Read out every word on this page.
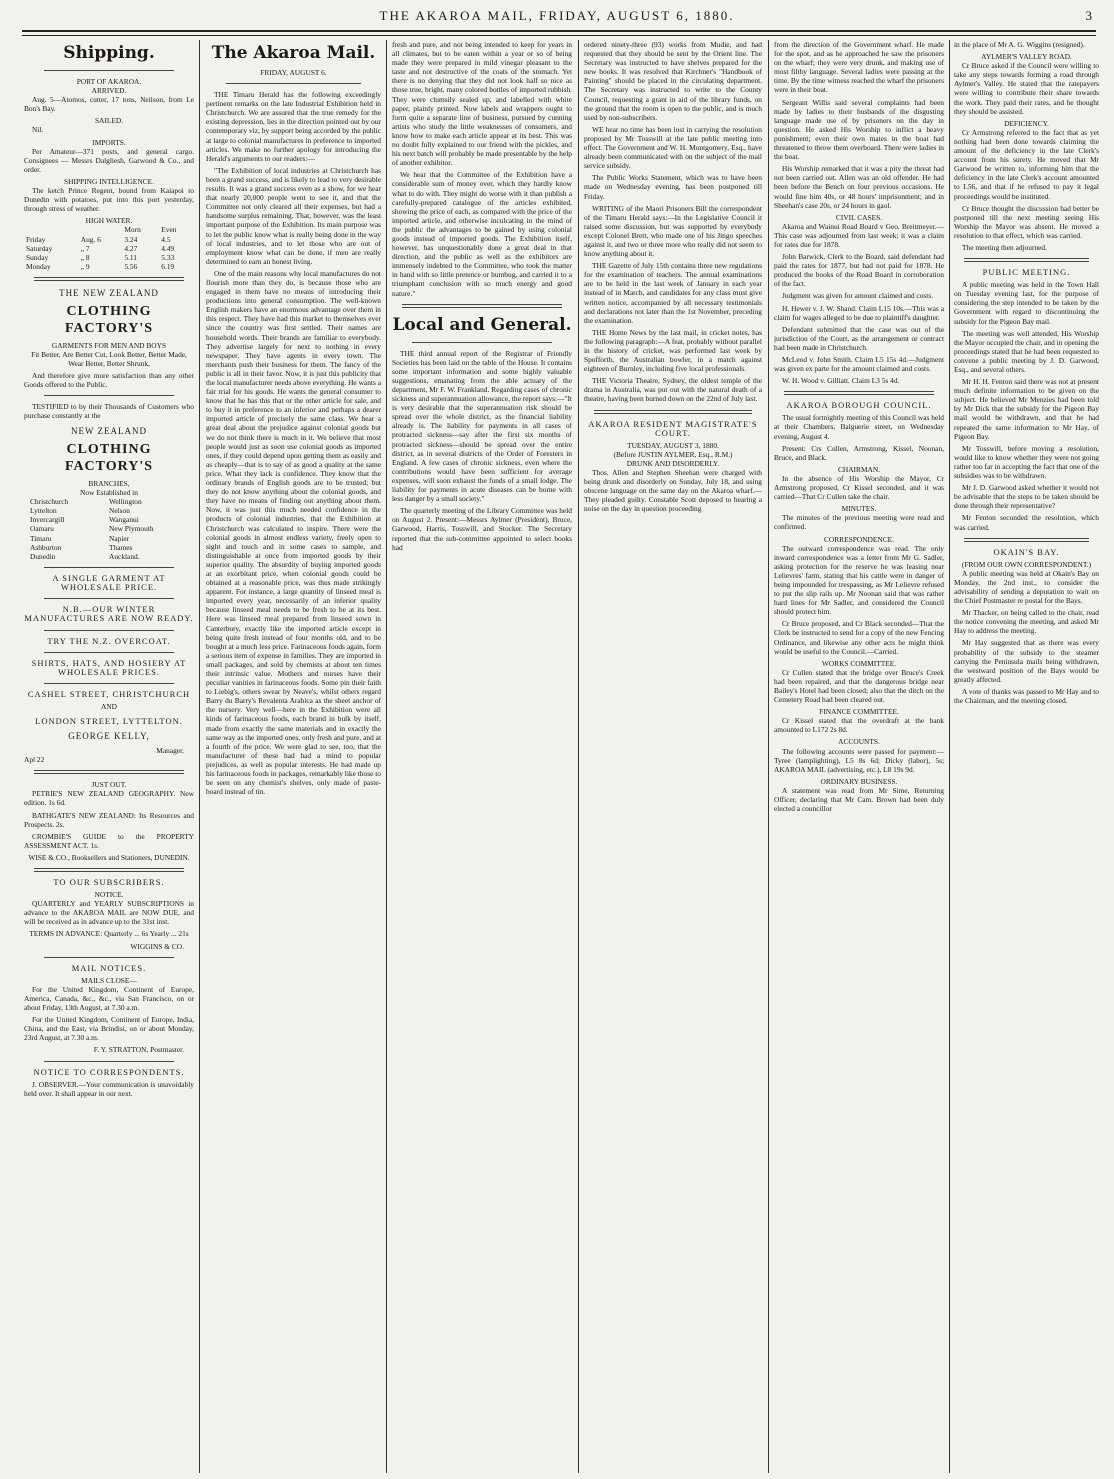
THE AKAROA MAIL, FRIDAY, AUGUST 6, 1880.	3
Shipping.
PORT OF AKAROA.
ARRIVED.

Aug. 5—Atomos, cutter, 17 tons, Neilson, from Le Bon's Bay.

SAILED.

Nil.

IMPORTS.

Per Amateur—371 posts, and general cargo. Consignees — Messrs Dalgliesh, Garwood & Co., and order.

SHIPPING INTELLIGENCE.

The ketch Prince Regent, bound from Kaiapoi to Dunedin with potatoes, put into this port yesterday, through stress of weather.

HIGH WATER.
		Morn	Even
Friday	Aug. 6	3.24	4.5
Saturday	„ 7	4.27	4.49
Sunday	„ 8	5.11	5.33
Monday	„ 9	5.56	6.19
THE NEW ZEALAND
CLOTHING FACTORY'S
GARMENTS FOR MEN AND BOYS

Fit Better, Are Better Cut, Look Better, Better Made, Wear Better, Better Shrunk,

And therefore give more satisfaction than any other Goods offered to the Public.

TESTIFIED to by their Thousands of Customers who purchase constantly at the

NEW ZEALAND
CLOTHING FACTORY'S
BRANCHES,
Now Established in
Christchurch	Wellington
Lyttelton	Nelson
Invercargill	Wanganui
Oamaru	New Plymouth
Timaru	Napier
Ashburton	Thames
Dunedin	Auckland.
A SINGLE GARMENT AT WHOLESALE PRICE.
N.B.—OUR WINTER MANUFACTURES ARE NOW READY.
TRY THE N.Z. OVERCOAT.
SHIRTS, HATS, AND HOSIERY AT WHOLESALE PRICES.
CASHEL STREET, CHRISTCHURCH
AND
LONDON STREET, LYTTELTON.
GEORGE KELLY,
Manager.
Apl 22
JUST OUT.

PETRIE'S NEW ZEALAND GEOGRAPHY. New edition. 1s 6d.

BATHGATE'S NEW ZEALAND: Its Resources and Prospects. 2s.

CROMBIE'S GUIDE to the PROPERTY ASSESSMENT ACT. 1s.

WISE & CO., Booksellers and Stationers, DUNEDIN.
TO OUR SUBSCRIBERS.
NOTICE.

QUARTERLY and YEARLY SUBSCRIPTIONS in advance to the AKAROA MAIL are NOW DUE, and will be received as in advance up to the 31st inst.

TERMS IN ADVANCE: Quarterly ... 6s Yearly ... 21s

WIGGINS & CO.
MAIL NOTICES.
MAILS CLOSE—

For the United Kingdom, Continent of Europe, America, Canada, &c., &c., via San Francisco, on or about Friday, 13th August, at 7.30 a.m.

For the United Kingdom, Continent of Europe, India, China, and the East, via Brindisi, on or about Monday, 23rd August, at 7.30 a.m.

F. Y. STRATTON, Postmaster.
NOTICE TO CORRESPONDENTS.

J. OBSERVER.—Your communication is unavoidably held over. It shall appear in our next.

The Akaroa Mail.
FRIDAY, AUGUST 6.

THE Timaru Herald has the following exceedingly pertinent remarks on the late Industrial Exhibition held in Christchurch. We are assured that the true remedy for the existing depression, lies in the direction pointed out by our contemporary viz, by support being accorded by the public at large to colonial manufactures in preference to imported articles. We make no further apology for introducing the Herald's arguments to our readers:—

"The Exhibition of local industries at Christchurch has been a grand success, and is likely to lead to very desirable results. It was a grand success even as a show, for we hear that nearly 20,000 people went to see it, and that the Committee not only cleared all their expenses, but had a handsome surplus remaining. That, however, was the least important purpose of the Exhibition. Its main purpose was to let the public know what is really being done in the way of local industries, and to let those who are out of employment know what can be done, if men are really determined to earn an honest living.

One of the main reasons why local manufactures do not flourish more than they do, is because those who are engaged in them have no means of introducing their productions into general consumption. The well-known English makers have an enormous advantage over them in this respect. They have had this market to themselves ever since the country was first settled. Their names are household words. Their brands are familiar to everybody. They advertise largely for next to nothing in every newspaper. They have agents in every town. The merchants push their business for them. The fancy of the public is all in their favor. Now, it is just this publicity that the local manufacturer needs above everything. He wants a fair trial for his goods. He wants the general consumer to know that he has this that or the other article for sale, and to buy it in preference to an inferior and perhaps a dearer imported article of precisely the same class. We hear a great deal about the prejudice against colonial goods but we do not think there is much in it. We believe that most people would just as soon use colonial goods as imported ones, if they could depend upon getting them as easily and as cheaply—that is to say of as good a quality at the same price. What they lack is confidence. They know that the ordinary brands of English goods are to be trusted; but they do not know anything about the colonial goods, and they have no means of finding out anything about them. Now, it was just this much needed confidence in the products of colonial industries, that the Exhibition at Christchurch was calculated to inspire. There were the colonial goods in almost endless variety, freely open to sight and touch and in some cases to sample, and distinguishable at once from imported goods by their superior quality. The absurdity of buying imported goods at an exorbitant price, when colonial goods could be obtained at a reasonable price, was thus made strikingly apparent. For instance, a large quantity of linseed meal is imported every year, necessarily of an inferior quality because linseed meal needs to be fresh to be at its best. Here was linseed meal prepared from linseed sown in Canterbury, exactly like the imported article except in being quite fresh instead of four months old, and to be bought at a much less price. Farinaceous foods again, form a serious item of expense in families. They are imported in small packages, and sold by chemists at about ten times their intrinsic value. Mothers and nurses have their peculiar vanities in farinaceous foods. Some pin their faith to Liebig's, others swear by Neave's, whilst others regard Barry du Barry's Revalenta Arabica as the sheet anchor of the nursery. Very well—here in the Exhibition were all kinds of farinaceous foods, each brand in bulk by itself, made from exactly the same materials and in exactly the same way as the imported ones, only fresh and pure, and at a fourth of the price. We were glad to see, too, that the manufacturer of these had had a mind to popular prejudices, as well as popular interests. He had made up his farinaceous foods in packages, remarkably like those to be seen on any chemist's shelves, only made of paste-board instead of tin.

fresh and pure, and not being intended to keep for years in all climates, but to be eaten within a year or so of being made they were prepared in mild vinegar pleasant to the taste and not destructive of the coats of the stomach. Yet there is no denying that they did not look half so nice as those true, bright, many colored bottles of imported rubbish. They were clumsily sealed up, and labelled with white paper, plainly printed. Now labels and wrappers ought to form quite a separate line of business, pursued by cunning artists who study the little weaknesses of consumers, and know how to make each article appear at its best. This was no doubt fully explained to our friend with the pickles, and his next batch will probably be made presentable by the help of another exhibitor.

We hear that the Committee of the Exhibition have a considerable sum of money over, which they hardly know what to do with. They might do worse with it than publish a carefully-prepared catalogue of the articles exhibited, showing the price of each, as compared with the price of the imported article, and otherwise inculcating in the mind of the public the advantages to be gained by using colonial goods instead of imported goods. The Exhibition itself, however, has unquestionably done a great deal in that direction, and the public as well as the exhibitors are immensely indebted to the Committee, who took the matter in hand with so little pretence or humbug, and carried it to a triumphant conclusion with so much energy and good nature."

Local and General.

THE third annual report of the Registrar of Friendly Societies has been laid on the table of the House. It contains some important information and some highly valuable suggestions, emanating from the able actuary of the department, Mr F. W. Frankland. Regarding cases of chronic sickness and superannuation allowance, the report says:—"It is very desirable that the superannuation risk should be spread over the whole district, as the financial liability already is. The liability for payments in all cases of protracted sickness—say after the first six months of protracted sickness—should be spread over the entire district, as in several districts of the Order of Foresters in England. A few cases of chronic sickness, even where the contributions would have been sufficient for average expenses, will soon exhaust the funds of a small lodge. The liability for payments in acute diseases can be borne with less danger by a small society."

The quarterly meeting of the Library Committee was held on August 2. Present:—Messrs Aylmer (President), Bruce, Garwood, Harris, Tosswill, and Stocker. The Secretary reported that the sub-committee appointed to select books had

ordered ninety-three (93) works from Mudie, and had requested that they should be sent by the Orient line. The Secretary was instructed to have shelves prepared for the new books. It was resolved that Kirchner's "Handbook of Painting" should be placed in the circulating department. The Secretary was instructed to write to the County Council, requesting a grant in aid of the library funds, on the ground that the room is open to the public, and is much used by non-subscribers.

WE hear no time has been lost in carrying the resolution proposed by Mr Tosswill at the late public meeting into effect. The Government and W. H. Montgomery, Esq., have already been communicated with on the subject of the mail service subsidy.

The Public Works Statement, which was to have been made on Wednesday evening, has been postponed till Friday.

WRITING of the Maori Prisoners Bill the correspondent of the Timaru Herald says:—In the Legislative Council it raised some discussion, but was supported by everybody except Colonel Brett, who made one of his Jingo speeches against it, and two or three more who really did not seem to know anything about it.

THE Gazette of July 15th contains three new regulations for the examination of teachers. The annual examinations are to be held in the last week of January in each year instead of in March, and candidates for any class must give written notice, accompanied by all necessary testimonials and declarations not later than the 1st November, preceding the examination.

THE Home News by the last mail, in cricket notes, has the following paragraph:—A feat, probably without parallel in the history of cricket, was performed last week by Spofforth, the Australian bowler, in a match against eighteen of Burnley, including five local professionals.

THE Victoria Theatre, Sydney, the oldest temple of the drama in Australia, was put out with the natural death of a theatre, having been burned down on the 22nd of July last.

AKAROA RESIDENT MAGISTRATE'S COURT.
TUESDAY, AUGUST 3, 1880.
(Before JUSTIN AYLMER, Esq., R.M.)
DRUNK AND DISORDERLY.

Thos. Allen and Stephen Sheehan were charged with being drunk and disorderly on Sunday, July 18, and using obscene language on the same day on the Akaroa wharf.—They pleaded guilty. Constable Scott deposed to hearing a noise on the day in question proceeding

from the direction of the Government wharf. He made for the spot, and as he approached he saw the prisoners on the wharf; they were very drunk, and making use of most filthy language. Several ladies were passing at the time. By the time witness reached the wharf the prisoners were in their boat.

Sergeant Willis said several complaints had been made by ladies to their husbands of the disgusting language made use of by prisoners on the day in question. He asked His Worship to inflict a heavy punishment; even their own mates in the boat had threatened to throw them overboard. There were ladies in the boat.

His Worship remarked that it was a pity the threat had not been carried out. Allen was an old offender. He had been before the Bench on four previous occasions. He would fine him 40s, or 48 hours' imprisonment; and in Sheehan's case 20s, or 24 hours in gaol.

CIVIL CASES.

Akaroa and Wainui Road Board v Geo. Breitmeyer.—This case was adjourned from last week; it was a claim for rates due for 1878.

John Barwick, Clerk to the Board, said defendant had paid the rates for 1877, but had not paid for 1878. He produced the books of the Road Board in corroboration of the fact.

Judgment was given for amount claimed and costs.

H. Hewer v. J. W. Shand. Claim L15 10s.—This was a claim for wages alleged to be due to plaintiff's daughter.

Defendant submitted that the case was out of the jurisdiction of the Court, as the arrangement or contract had been made in Christchurch.

McLeod v. John Smith. Claim L5 15s 4d.—Judgment was given ex parte for the amount claimed and costs.

W. H. Wood v. Gilliatt. Claim L3 5s 4d.

AKAROA BOROUGH COUNCIL.

The usual fortnightly meeting of this Council was held at their Chambers, Balguerie street, on Wednesday evening, August 4.

Present: Crs Cullen, Armstrong, Kissel, Noonan, Bruce, and Black.

CHAIRMAN.

In the absence of His Worship the Mayor, Cr Armstrong proposed, Cr Kissel seconded, and it was carried—That Cr Cullen take the chair.

MINUTES.

The minutes of the previous meeting were read and confirmed.

CORRESPONDENCE.

The outward correspondence was read. The only inward correspondence was a letter from Mr G. Sadler, asking protection for the reserve he was leasing near Lelievres' farm, stating that his cattle were in danger of being impounded for trespassing, as Mr Lelievre refused to put the slip rails up. Mr Noonan said that was rather hard lines for Mr Sadler, and considered the Council should protect him.

Cr Bruce proposed, and Cr Black seconded—That the Clerk be instructed to send for a copy of the new Fencing Ordinance, and likewise any other acts he might think would be useful to the Council.—Carried.

WORKS COMMITTEE.

Cr Cullen stated that the bridge over Bruce's Creek had been repaired, and that the dangerous bridge near Bailey's Hotel had been closed; also that the ditch on the Cemetery Road had been cleared out.

FINANCE COMMITTEE.

Cr Kissel stated that the overdraft at the bank amounted to L172 2s 8d.

ACCOUNTS.

The following accounts were passed for payment:—Tyree (lamplighting), L5 8s 6d; Dicky (labor), 5s; AKAROA MAIL (advertising, etc.), L8 19s 9d.

ORDINARY BUSINESS.

A statement was read from Mr Sime, Returning Officer, declaring that Mr Cam. Brown had been duly elected a councillor

in the place of Mr A. G. Wiggins (resigned).

AYLMER'S VALLEY ROAD.

Cr Bruce asked if the Council were willing to take any steps towards forming a road through Aylmer's Valley. He stated that the ratepayers were willing to contribute their share towards the work. They paid their rates, and he thought they should be assisted.

DEFICIENCY.

Cr Armstrong referred to the fact that as yet nothing had been done towards claiming the amount of the deficiency in the late Clerk's account from his surety. He moved that Mr Garwood be written to, informing him that the deficiency in the late Clerk's account amounted to L56, and that if he refused to pay it legal proceedings would be instituted.

Cr Bruce thought the discussion had better be postponed till the next meeting seeing His Worship the Mayor was absent. He moved a resolution to that effect, which was carried.

The meeting then adjourned.

PUBLIC MEETING.

A public meeting was held in the Town Hall on Tuesday evening last, for the purpose of considering the step intended to be taken by the Government with regard to discontinuing the subsidy for the Pigeon Bay mail.

The meeting was well attended, His Worship the Mayor occupied the chair, and in opening the proceedings stated that he had been requested to convene a public meeting by J. D. Garwood, Esq., and several others.

Mr H. H. Fenton said there was not at present much definite information to be given on the subject. He believed Mr Menzies had been told by Mr Dick that the subsidy for the Pigeon Bay mail would be withdrawn, and that he had repeated the same information to Mr Hay, of Pigeon Bay.

Mr Tosswill, before moving a resolution, would like to know whether they were not going rather too far in accepting the fact that one of the subsidies was to be withdrawn.

Mr J. D. Garwood asked whether it would not be advisable that the steps to be taken should be done through their representative?

Mr Fenton seconded the resolution, which was carried.

OKAIN'S BAY.
(FROM OUR OWN CORRESPONDENT.)

A public meeting was held at Okain's Bay on Monday, the 2nd inst., to consider the advisability of sending a deputation to wait on the Chief Postmaster re postal for the Bays.

Mr Thacker, on being called to the chair, read the notice convening the meeting, and asked Mr Hay to address the meeting.

Mr Hay suggested that as there was every probability of the subsidy to the steamer carrying the Peninsula mails being withdrawn, the westward position of the Bays would be greatly affected.

A vote of thanks was passed to Mr Hay and to the Chairman, and the meeting closed.
